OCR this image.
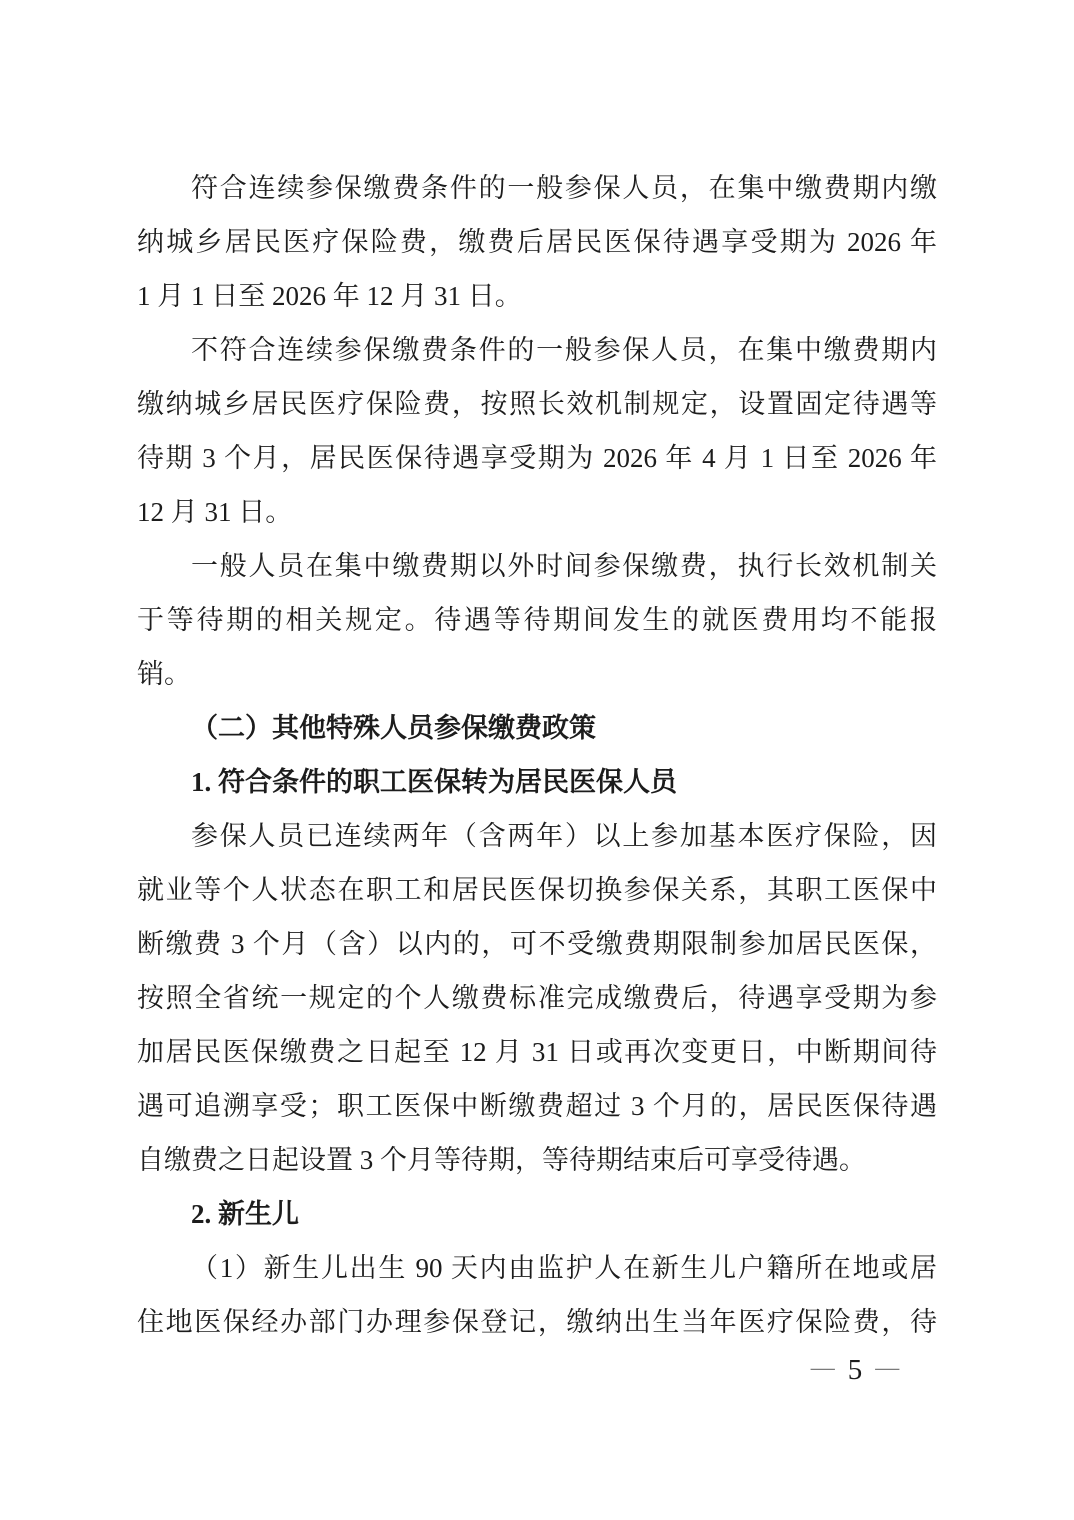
符合连续参保缴费条件的一般参保人员，在集中缴费期内缴
纳城乡居民医疗保险费，缴费后居民医保待遇享受期为 2026 年
1 月 1 日至 2026 年 12 月 31 日。
不符合连续参保缴费条件的一般参保人员，在集中缴费期内
缴纳城乡居民医疗保险费，按照长效机制规定，设置固定待遇等
待期 3 个月，居民医保待遇享受期为 2026 年 4 月 1 日至 2026 年
12 月 31 日。
一般人员在集中缴费期以外时间参保缴费，执行长效机制关
于等待期的相关规定。待遇等待期间发生的就医费用均不能报
销。
（二）其他特殊人员参保缴费政策
1. 符合条件的职工医保转为居民医保人员
参保人员已连续两年（含两年）以上参加基本医疗保险，因
就业等个人状态在职工和居民医保切换参保关系，其职工医保中
断缴费 3 个月（含）以内的，可不受缴费期限制参加居民医保，
按照全省统一规定的个人缴费标准完成缴费后，待遇享受期为参
加居民医保缴费之日起至 12 月 31 日或再次变更日，中断期间待
遇可追溯享受；职工医保中断缴费超过 3 个月的，居民医保待遇
自缴费之日起设置 3 个月等待期，等待期结束后可享受待遇。
2. 新生儿
（1）新生儿出生 90 天内由监护人在新生儿户籍所在地或居
住地医保经办部门办理参保登记，缴纳出生当年医疗保险费，待
— 5 —
